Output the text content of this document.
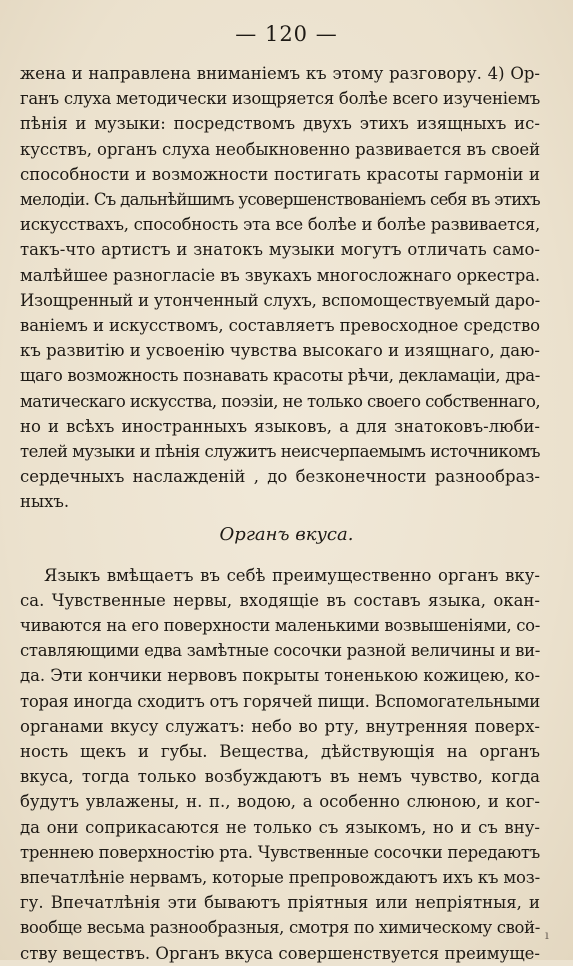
— 120 —
жена и направлена вниманіемъ къ этому разговору. 4) Ор-
ганъ слуха методически изощряется болѣе всего изученіемъ
пѣнія и музыки: посредствомъ двухъ этихъ изящныхъ ис-
кусствъ, органъ слуха необыкновенно развивается въ своей
способности и возможности постигать красоты гармоніи и
мелодіи. Съ дальнѣйшимъ усовершенствованіемъ себя въ этихъ
искусствахъ, способность эта все болѣе и болѣе развивается,
такъ-что артистъ и знатокъ музыки могутъ отличать само-
малѣйшее разногласіе въ звукахъ многосложнаго оркестра.
Изощренный и утонченный слухъ, вспомоществуемый даро-
ваніемъ и искусствомъ, составляетъ превосходное средство
къ развитію и усвоенію чувства высокаго и изящнаго, даю-
щаго возможность познавать красоты рѣчи, декламаціи, дра-
матическаго искусства, поэзіи, не только своего собственнаго,
но и всѣхъ иностранныхъ языковъ, а для знатоковъ-люби-
телей музыки и пѣнія служитъ неисчерпаемымъ источникомъ
сердечныхъ наслажденій , до безконечности разнообраз-
ныхъ.
Органъ вкуса.
Языкъ вмѣщаетъ въ себѣ преимущественно органъ вку-
са. Чувственные нервы, входящіе въ составъ языка, окан-
чиваются на его поверхности маленькими возвышеніями, со-
ставляющими едва замѣтные сосочки разной величины и ви-
да. Эти кончики нервовъ покрыты тоненькою кожицею, ко-
торая иногда сходитъ отъ горячей пищи. Вспомогательными
органами вкусу служатъ: небо во рту, внутренняя поверх-
ность щекъ и губы. Вещества, дѣйствующія на органъ
вкуса, тогда только возбуждаютъ въ немъ чувство, когда
будутъ увлажены, н. п., водою, а особенно слюною, и ког-
да они соприкасаются не только съ языкомъ, но и съ вну-
треннею поверхностію рта. Чувственные сосочки передаютъ
впечатлѣніе нервамъ, которые препровождаютъ ихъ къ моз-
гу. Впечатлѣнія эти бываютъ пріятныя или непріятныя, и
вообще весьма разнообразныя, смотря по химическому свой-
ству веществъ. Органъ вкуса совершенствуется преимуще-
ı
